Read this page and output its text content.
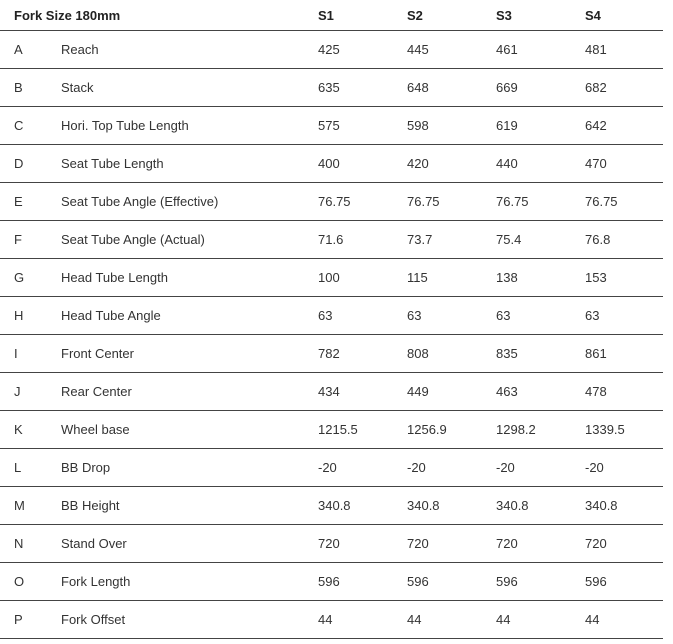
Fork Size 180mm	S1	S2	S3	S4
A	Reach	425	445	461	481
B	Stack	635	648	669	682
C	Hori. Top Tube Length	575	598	619	642
D	Seat Tube Length	400	420	440	470
E	Seat Tube Angle (Effective)	76.75	76.75	76.75	76.75
F	Seat Tube Angle (Actual)	71.6	73.7	75.4	76.8
G	Head Tube Length	100	115	138	153
H	Head Tube Angle	63	63	63	63
I	Front Center	782	808	835	861
J	Rear Center	434	449	463	478
K	Wheel base	1215.5	1256.9	1298.2	1339.5
L	BB Drop	-20	-20	-20	-20
M	BB Height	340.8	340.8	340.8	340.8
N	Stand Over	720	720	720	720
O	Fork Length	596	596	596	596
P	Fork Offset	44	44	44	44
